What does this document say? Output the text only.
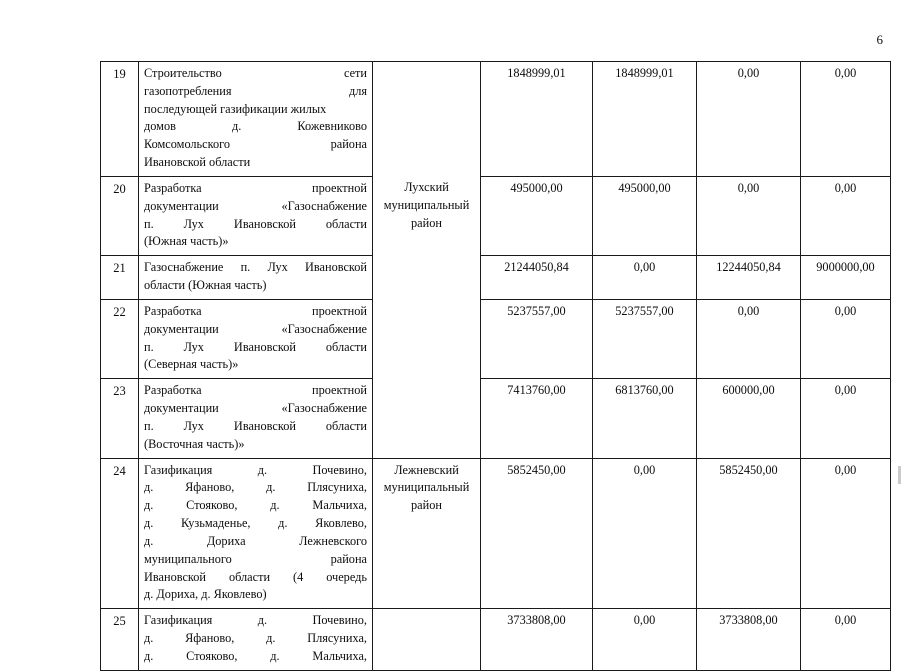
6
19	Строительство сети
газопотребления для
последующей газификации жилых
домов д. Кожевниково
Комсомольского района
Ивановской области
		1848999,01	1848999,01	0,00	0,00
20	Разработка проектной
документации «Газоснабжение
п. Лух Ивановской области
(Южная часть)»	Лухский
муниципальный
район	495000,00	495000,00	0,00	0,00
21	Газоснабжение п. Лух Ивановской
области (Южная часть)		21244050,84	0,00	12244050,84	9000000,00
22	Разработка проектной
документации «Газоснабжение
п. Лух Ивановской области
(Северная часть)»		5237557,00	5237557,00	0,00	0,00
23	Разработка проектной
документации «Газоснабжение
п. Лух Ивановской области
(Восточная часть)»		7413760,00	6813760,00	600000,00	0,00
24	Газификация д. Почевино,
д. Яфаново, д. Плясуниха,
д. Стояково, д. Мальчиха,
д. Кузьмаденье, д. Яковлево,
д. Дориха Лежневского
муниципального района
Ивановской области (4 очередь
д. Дориха, д. Яковлево)
	Лежневский
муниципальный
район	5852450,00	0,00	5852450,00	0,00
25	Газификация д. Почевино,
д. Яфаново, д. Плясуниха,
д. Стояково, д. Мальчиха,		3733808,00	0,00	3733808,00	0,00
